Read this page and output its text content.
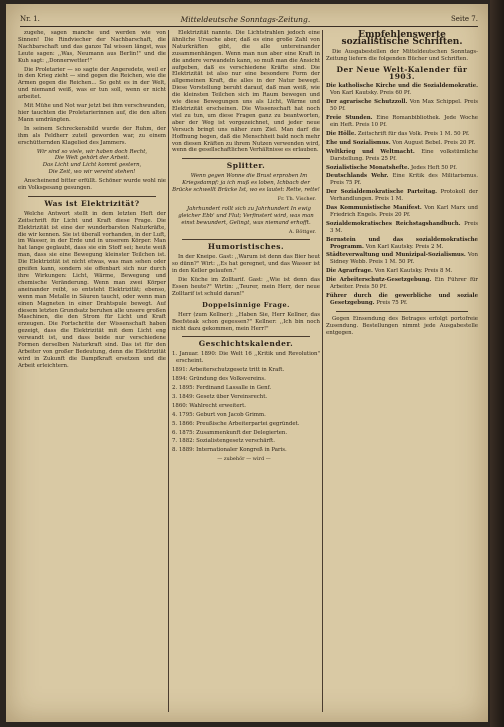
Nr. 1.	Mitteldeutsche Sonntags-Zeitung.	Seite 7.

zugehe, sagen manche und werden wie von Sinnen! Die Rindviecher der Nachbarschaft, die Nachbarschaft und das ganze Tal wissen längst, was Leute sagen: ,,Was, Neumann aus Berlin!" und die Kuh sagt: ,,Donnerwetter!"

Die Proletarier — so sagte der Angeredete, weil er in den Krieg zieht — sind gegen die Reichen, wie die Armen gegen die Reichen... So geht es in der Welt, und niemand weiß, was er tun soll, wenn er nicht arbeitet.

Mit Mühe und Not war jetzt bei ihm verschwunden, hier tauchten die Proletarierinnen auf, die den alten Mann umdrängten.

In seinem Schreckensbild wurde der Ruhm, der ihm als Feldherr zuteil geworden war, zu einem erschütternden Klagelied des Jammers.

Wir sind so viele, wir haben doch Recht,
Die Welt gehört der Arbeit.
Das Licht und Licht kommt gestern,
Die Zeit, wo wir vereint stehen!

Anscheinend bitter erfüllt. Schöner wurde wohl nie ein Volksgesang gesungen.

Was ist Elektrizität?

Welche Antwort stellt in dem letzten Heft der Zeitschrift für Licht und Kraft diese Frage. Die Elektrizität ist eine der wunderbarsten Naturkräfte, die wir kennen. Sie ist überall vorhanden, in der Luft, im Wasser, in der Erde und in unserem Körper. Man hat lange geglaubt, dass sie ein Stoff sei; heute weiß man, dass sie eine Bewegung kleinster Teilchen ist. Die Elektrizität ist nicht etwas, was man sehen oder greifen kann, sondern sie offenbart sich nur durch ihre Wirkungen: Licht, Wärme, Bewegung und chemische Veränderung. Wenn man zwei Körper aneinander reibt, so entsteht Elektrizität; ebenso, wenn man Metalle in Säuren taucht, oder wenn man einen Magneten in einer Drahtspule bewegt. Auf diesem letzten Grundsatz beruhen alle unsere großen Maschinen, die den Strom für Licht und Kraft erzeugen. Die Fortschritte der Wissenschaft haben gezeigt, dass die Elektrizität mit dem Licht eng verwandt ist, und dass beide nur verschiedene Formen derselben Naturkraft sind. Das ist für den Arbeiter von großer Bedeutung, denn die Elektrizität wird in Zukunft die Dampfkraft ersetzen und die Arbeit erleichtern.

Elektrizität nannte. Die Lichtstrahlen jedoch eine ähnliche Ursache aber, daß es eine große Zahl von Naturkräften gibt, die alle untereinander zusammenhängen. Wenn man nun aber eine Kraft in die andere verwandeln kann, so muß man die Ansicht aufgeben, daß es verschiedene Kräfte sind. Die Elektrizität ist also nur eine besondere Form der allgemeinen Kraft, die alles in der Natur bewegt. Diese Vorstellung beruht darauf, daß man weiß, wie die kleinsten Teilchen sich im Raum bewegen und wie diese Bewegungen uns als Licht, Wärme und Elektrizität erscheinen. Die Wissenschaft hat noch viel zu tun, um diese Fragen ganz zu beantworten, aber der Weg ist vorgezeichnet, und jeder neue Versuch bringt uns näher zum Ziel. Man darf die Hoffnung hegen, daß die Menschheit bald noch mehr von diesen Kräften zu ihrem Nutzen verwenden wird, wenn die gesellschaftlichen Verhältnisse es erlauben.

Splitter.

Wenn gegen Wonne die Brust erproben Im Kriegsdampf: ja ich muß es loben, Ichbach der Brücke schwellt Brücke Ist, wo es lautet: Rette, rette!

Fr. Th. Vischer.

Jahrhundert rollt sich zu Jahrhundert In ewig gleicher Ebb' und Flut; Verfinstert wird, was man einst bewundert, Gelingt, was niemand erhofft.

A. Böttger.
Humoristisches.

In der Kneipe. Gast: ,,Warum ist denn das Bier heut so dünn?" Wirt: ,,Es hat geregnet, und das Wasser ist in den Keller gelaufen."

Die Küche im Zolltarif. Gast: ,,Wie ist denn das Essen heute?" Wirtin: ,,Teurer, mein Herr, der neue Zolltarif ist schuld daran!"

Doppelsinnige Frage.

Herr (zum Kellner): ,,Haben Sie, Herr Kellner, das Beefsteak schon gegessen?" Kellner: ,,Ich bin noch nicht dazu gekommen, mein Herr!"

Geschichtskalender.
1. Januar. 1890: Die Welt 16 ,,Kritik und Revolution" erscheint.
1891: Arbeiterschutzgesetz tritt in Kraft.
1894: Gründung des Volksvereins.
2. 1895: Ferdinand Lassalle in Genf.
3. 1849: Gesetz über Vereinsrecht.
1860: Wahlrecht erweitert.
4. 1795: Geburt von Jacob Grimm.
5. 1866: Preußische Arbeiterpartei gegründet.
6. 1875: Zusammenkunft der Delegierten.
7. 1882: Sozialistengesetz verschärft.
8. 1889: Internationaler Kongreß in Paris.
— zubehör — wird —
Empfehlenswerte sozialistische Schriften.

Die Ausgabestellen der Mitteldeutschen Sonntags-Zeitung liefern die folgenden Bücher und Schriften.

Der Neue Welt-Kalender für 1903.
Die katholische Kirche und die Sozialdemokratie. Von Karl Kautsky. Preis 60 Pf.
Der agrarische Schutzzoll. Von Max Schippel. Preis 50 Pf.
Freie Stunden. Eine Romanbibliothek. Jede Woche ein Heft. Preis 10 Pf.
Die Hölle. Zeitschrift für das Volk. Preis 1 M. 50 Pf.
Ehe und Sozialismus. Von August Bebel. Preis 20 Pf.
Weltkrieg und Weltmacht. Eine volkstümliche Darstellung. Preis 25 Pf.
Sozialistische Monatshefte. Jedes Heft 50 Pf.
Deutschlands Wehr. Eine Kritik des Militarismus. Preis 75 Pf.
Der Sozialdemokratische Parteitag. Protokoll der Verhandlungen. Preis 1 M.
Das Kommunistische Manifest. Von Karl Marx und Friedrich Engels. Preis 20 Pf.
Sozialdemokratisches Reichstagshandbuch. Preis 3 M.
Bernstein und das sozialdemokratische Programm. Von Karl Kautsky. Preis 2 M.
Städteverwaltung und Munizipal-Sozialismus. Von Sidney Webb. Preis 1 M. 50 Pf.
Die Agrarfrage. Von Karl Kautsky. Preis 8 M.
Die Arbeiterschutz-Gesetzgebung. Ein Führer für Arbeiter. Preis 50 Pf.
Führer durch die gewerbliche und soziale Gesetzgebung. Preis 75 Pf.

Gegen Einsendung des Betrages erfolgt portofreie Zusendung. Bestellungen nimmt jede Ausgabestelle entgegen.
